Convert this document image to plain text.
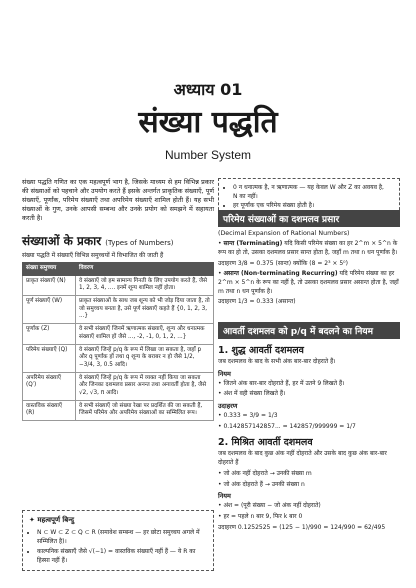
अध्याय 01
संख्या पद्धति
Number System
संख्या पद्धति गणित का एक महत्वपूर्ण भाग है, जिसके माध्यम से हम विभिन्न प्रकार की संख्याओं को पहचाने और उपयोग करते हैं इसके अन्तर्गत प्राकृतिक संख्याएँ, पूर्ण संख्याएँ, पूर्णांक, परिमेय संख्याएँ तथा अपरिमेय संख्याएँ शामिल होती हैं। यह सभी संख्याओं के गुण, उनके आपसी सम्बन्ध और उनके प्रयोग को समझने में सहायता करती है।
संख्याओं के प्रकार (Types of Numbers)
संख्या पद्धति में संख्याएँ विभिन्न समुच्चयों में विभाजित की जाती हैं
संख्या समुच्चय	विवरण
प्राकृत संख्याएँ (N)	वे संख्याएँ जो हम सामान्य गिनती के लिए उपयोग करते हैं, जैसे 1, 2, 3, 4, .... इनमें शून्य शामिल नहीं होता।
पूर्ण संख्याएँ (W)	प्राकृत संख्याओं के साथ जब शून्य को भी जोड़ दिया जाता है, तो जो समुच्चय बनता है, उसे पूर्ण संख्याएँ कहते हैं {0, 1, 2, 3, ...}
पूर्णांक (Z)	वे सभी संख्याएँ जिनमें ऋणात्मक संख्याएँ, शून्य और धनात्मक संख्याएँ शामिल हों जैसे ..., -2, -1, 0, 1, 2, ...}
परिमेय संख्याएँ (Q)	वे संख्याएँ जिन्हें p/q के रूप में लिखा जा सकता है, जहाँ p और q पूर्णांक हों तथा q शून्य के बराबर न हो जैसे 1/2, −3/4, 3, 0.5 आदि।
अपरिमेय संख्याएँ (Q′)	वे संख्याएँ जिन्हें p/q के रूप में व्यक्त नहीं किया जा सकता और जिनका दशमलव प्रसार अनन्त तथा अनावर्ती होता है, जैसे √2, √3, π आदि।
वास्तविक संख्याएँ (R)	वे सभी संख्याएँ जो संख्या रेखा पर प्रदर्शित की जा सकती हैं, जिसमें परिमेय और अपरिमेय संख्याओं का सम्मिलित रूप।
✦ महत्वपूर्ण बिन्दु
• N ⊂ W ⊂ Z ⊂ Q ⊂ R (समावेश सम्बन्ध — हर छोटा समुच्चय अगले में सम्मिलित है)।
• काल्पनिक संख्याएँ जैसे √(−1) = वास्तविक संख्याएँ नहीं हैं — ये R का हिस्सा नहीं हैं।
• 0 न धनात्मक है, न ऋणात्मक — यह केवल W और Z का अवयव है,
N का नहीं।
• हर पूर्णांक एक परिमेय संख्या होती है।
परिमेय संख्याओं का दशमलव प्रसार
(Decimal Expansion of Rational Numbers)

• सान्त (Terminating) यदि किसी परिमेय संख्या का हर 2^m × 5^n के रूप का हो तो, उसका दशमलव प्रसार सान्त होता है, जहाँ m तथा n धन पूर्णांक है।

उदाहरण 3/8 = 0.375 (सान्त) क्योंकि (8 = 2³ × 5⁰)

• असान्त (Non-terminating Recurring) यदि परिमेय संख्या का हर 2^m × 5^n के रूप का नहीं है, तो उसका दशमलव प्रसार असान्त होता है, जहाँ m तथा n धन पूर्णांक है।

उदाहरण 1/3 = 0.333 (असान्त)

आवर्ती दशमलव को p/q में बदलने का नियम
1. शुद्ध आवर्ती दशमलव

जब दशमलव के बाद के सभी अंक बार-बार दोहराते हैं।

नियम

• जितने अंक बार-बार दोहराते हैं, हर में उतने 9 लिखते हैं।

• अंश में वही संख्या लिखते हैं।

उदाहरण

• 0.333 = 3/9 = 1/3

• 0.142857142857... = 142857/999999 = 1/7

2. मिश्रित आवर्ती दशमलव

जब दशमलव के बाद कुछ अंक नहीं दोहराते और उसके बाद कुछ अंक बार-बार दोहराते हैं

• जो अंक नहीं दोहराते → उनकी संख्या m

• जो अंक दोहराते हैं → उनकी संख्या n

नियम

• अंश = (पूरी संख्या − जो अंक नहीं दोहराते)

• हर = पहले n बार 9, फिर k बार 0

उदाहरण 0.1252525 = (125 − 1)/990 = 124/990 = 62/495
